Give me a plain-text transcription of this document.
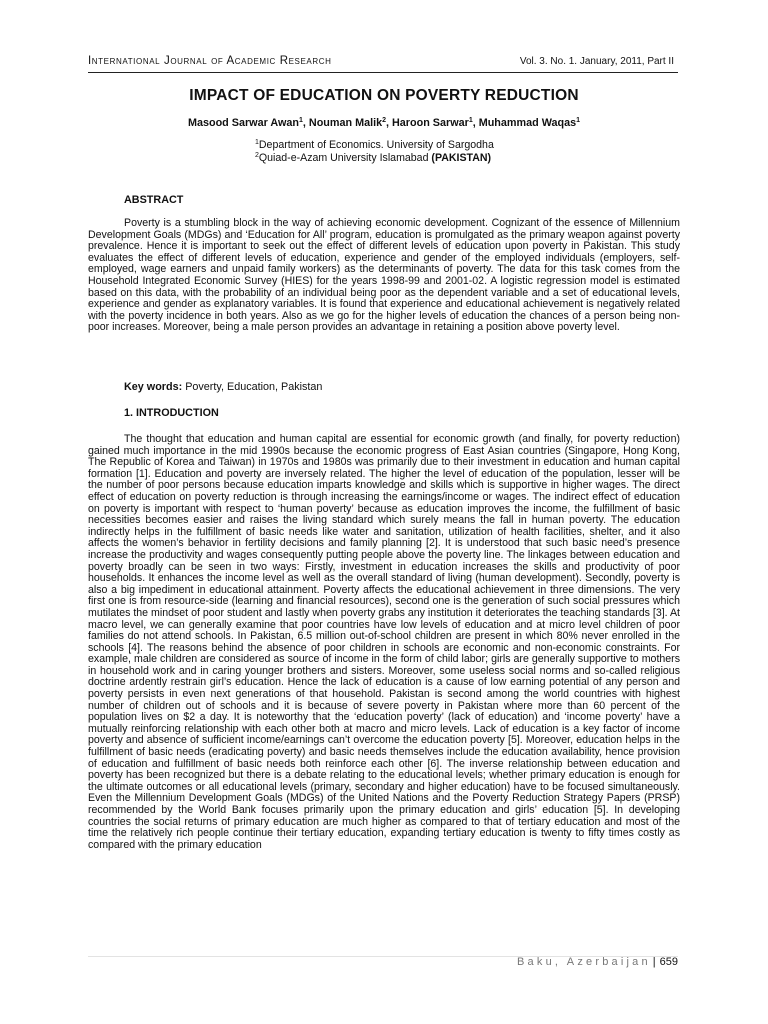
International Journal of Academic Research	Vol. 3. No. 1. January, 2011, Part II
IMPACT OF EDUCATION ON POVERTY REDUCTION
Masood Sarwar Awan$^1$, Nouman Malik$^2$, Haroon Sarwar$^1$, Muhammad Waqas$^1$
$^1$Department of Economics. University of Sargodha
$^2$Quiad-e-Azam University Islamabad (PAKISTAN)
ABSTRACT

Poverty is a stumbling block in the way of achieving economic development. Cognizant of the essence of Millennium Development Goals (MDGs) and ‘Education for All’ program, education is promulgated as the primary weapon against poverty prevalence. Hence it is important to seek out the effect of different levels of education upon poverty in Pakistan. This study evaluates the effect of different levels of education, experience and gender of the employed individuals (employers, self-employed, wage earners and unpaid family workers) as the determinants of poverty. The data for this task comes from the Household Integrated Economic Survey (HIES) for the years 1998-99 and 2001-02. A logistic regression model is estimated based on this data, with the probability of an individual being poor as the dependent variable and a set of educational levels, experience and gender as explanatory variables. It is found that experience and educational achievement is negatively related with the poverty incidence in both years. Also as we go for the higher levels of education the chances of a person being non-poor increases. Moreover, being a male person provides an advantage in retaining a position above poverty level.

Key words: Poverty, Education, Pakistan
1. INTRODUCTION

The thought that education and human capital are essential for economic growth (and finally, for poverty reduction) gained much importance in the mid 1990s because the economic progress of East Asian countries (Singapore, Hong Kong, The Republic of Korea and Taiwan) in 1970s and 1980s was primarily due to their investment in education and human capital formation [1]. Education and poverty are inversely related. The higher the level of education of the population, lesser will be the number of poor persons because education imparts knowledge and skills which is supportive in higher wages. The direct effect of education on poverty reduction is through increasing the earnings/income or wages. The indirect effect of education on poverty is important with respect to ‘human poverty’ because as education improves the income, the fulfillment of basic necessities becomes easier and raises the living standard which surely means the fall in human poverty. The education indirectly helps in the fulfillment of basic needs like water and sanitation, utilization of health facilities, shelter, and it also affects the women’s behavior in fertility decisions and family planning [2]. It is understood that such basic need’s presence increase the productivity and wages consequently putting people above the poverty line. The linkages between education and poverty broadly can be seen in two ways: Firstly, investment in education increases the skills and productivity of poor households. It enhances the income level as well as the overall standard of living (human development). Secondly, poverty is also a big impediment in educational attainment. Poverty affects the educational achievement in three dimensions. The very first one is from resource-side (learning and financial resources), second one is the generation of such social pressures which mutilates the mindset of poor student and lastly when poverty grabs any institution it deteriorates the teaching standards [3]. At macro level, we can generally examine that poor countries have low levels of education and at micro level children of poor families do not attend schools. In Pakistan, 6.5 million out-of-school children are present in which 80% never enrolled in the schools [4]. The reasons behind the absence of poor children in schools are economic and non-economic constraints. For example, male children are considered as source of income in the form of child labor; girls are generally supportive to mothers in household work and in caring younger brothers and sisters. Moreover, some useless social norms and so-called religious doctrine ardently restrain girl’s education. Hence the lack of education is a cause of low earning potential of any person and poverty persists in even next generations of that household. Pakistan is second among the world countries with highest number of children out of schools and it is because of severe poverty in Pakistan where more than 60 percent of the population lives on $2 a day. It is noteworthy that the ‘education poverty’ (lack of education) and ‘income poverty’ have a mutually reinforcing relationship with each other both at macro and micro levels. Lack of education is a key factor of income poverty and absence of sufficient income/earnings can’t overcome the education poverty [5]. Moreover, education helps in the fulfillment of basic needs (eradicating poverty) and basic needs themselves include the education availability, hence provision of education and fulfillment of basic needs both reinforce each other [6]. The inverse relationship between education and poverty has been recognized but there is a debate relating to the educational levels; whether primary education is enough for the ultimate outcomes or all educational levels (primary, secondary and higher education) have to be focused simultaneously. Even the Millennium Development Goals (MDGs) of the United Nations and the Poverty Reduction Strategy Papers (PRSP) recommended by the World Bank focuses primarily upon the primary education and girls’ education [5]. In developing countries the social returns of primary education are much higher as compared to that of tertiary education and most of the time the relatively rich people continue their tertiary education, expanding tertiary education is twenty to fifty times costly as compared with the primary education

Baku, Azerbaijan | 659
